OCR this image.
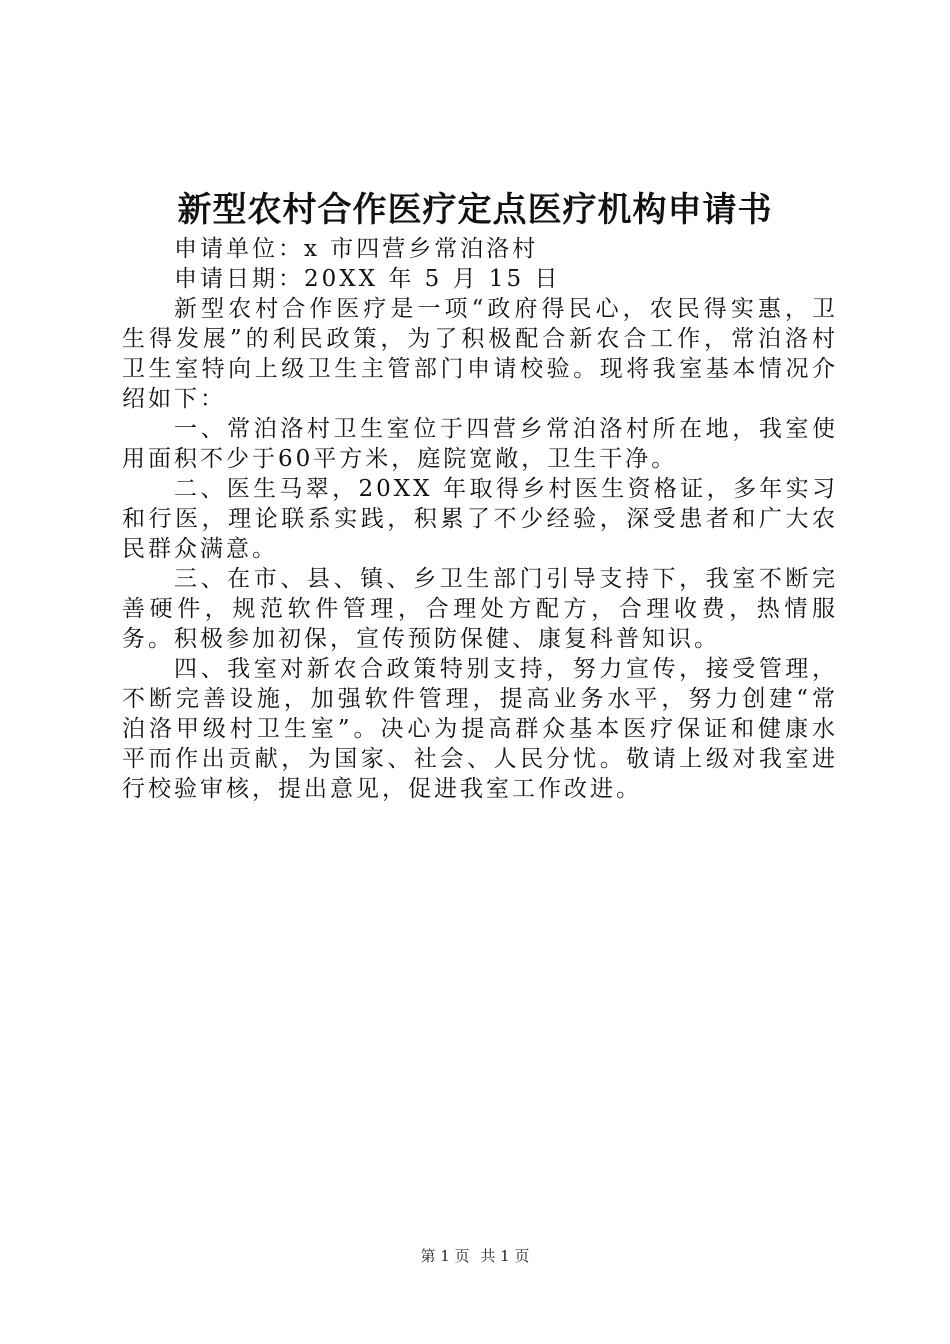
新型农村合作医疗定点医疗机构申请书

申请单位：x 市四营乡常泊洛村

申请日期：20XX 年 5 月 15 日

新型农村合作医疗是一项“政府得民心，农民得实惠，卫生得发展”的利民政策，为了积极配合新农合工作，常泊洛村卫生室特向上级卫生主管部门申请校验。现将我室基本情况介绍如下：

一、常泊洛村卫生室位于四营乡常泊洛村所在地，我室使用面积不少于60平方米，庭院宽敞，卫生干净。

二、医生马翠，20XX 年取得乡村医生资格证，多年实习和行医，理论联系实践，积累了不少经验，深受患者和广大农民群众满意。

三、在市、县、镇、乡卫生部门引导支持下，我室不断完善硬件，规范软件管理，合理处方配方，合理收费，热情服务。积极参加初保，宣传预防保健、康复科普知识。

四、我室对新农合政策特别支持，努力宣传，接受管理，不断完善设施，加强软件管理，提高业务水平，努力创建“常泊洛甲级村卫生室”。决心为提高群众基本医疗保证和健康水平而作出贡献，为国家、社会、人民分忧。敬请上级对我室进行校验审核，提出意见，促进我室工作改进。

第 1 页 共 1 页
